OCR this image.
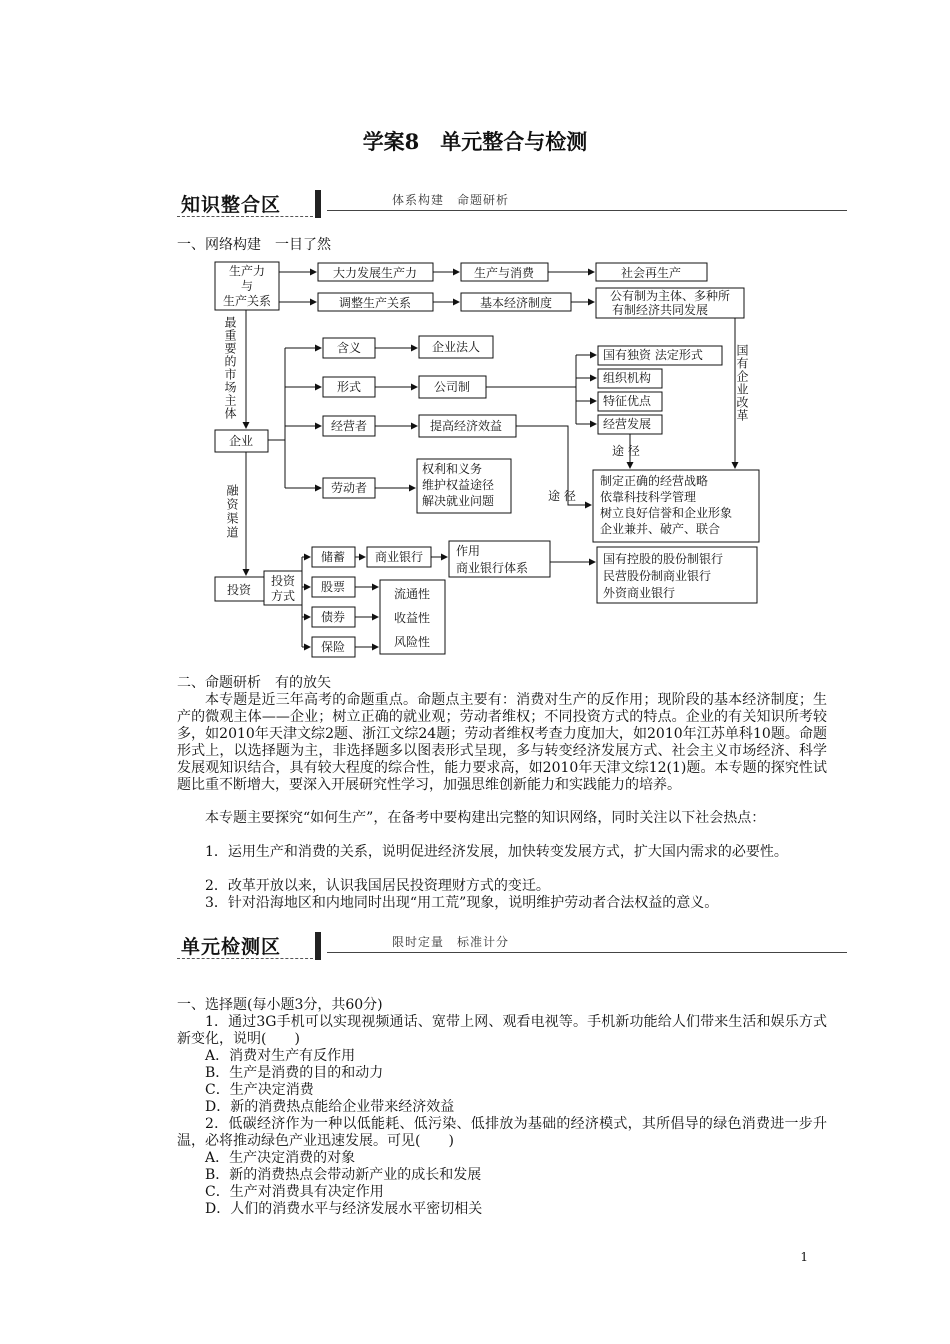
学案8　单元整合与检测
知识整合区	体系构建　命题研析
一、网络构建　一目了然
生产力
与
生产关系
大力发展生产力	生产与消费	社会再生产
调整生产关系	基本经济制度	公有制为主体、多种所
有制经济共同发展
企业
含义	企业法人
形式	公司制
经营者	提高经济效益
劳动者
权利和义务
维护权益途径
解决就业问题
国有独资 法定形式
组织机构
特征优点
经营发展
途 径
途 径
制定正确的经营战略
依靠科技科学管理
树立良好信誉和企业形象
企业兼并、破产、联合
投资
投资
方式
储蓄 商业银行	作用
商业银行体系
国有控股的股份制银行
民营股份制商业银行
外资商业银行
股票
债券
保险
流通性
收益性
风险性
最重要的市场主体
融资渠道
国有企业改革
二、命题研析　有的放矢
本专题是近三年高考的命题重点。命题点主要有：消费对生产的反作用；现阶段的基本经济制度；生产的微观主体——企业；树立正确的就业观；劳动者维权；不同投资方式的特点。企业的有关知识所考较多，如2010年天津文综2题、浙江文综24题；劳动者维权考查力度加大，如2010年江苏单科10题。命题形式上，以选择题为主，非选择题多以图表形式呈现，多与转变经济发展方式、社会主义市场经济、科学发展观知识结合，具有较大程度的综合性，能力要求高，如2010年天津文综12(1)题。本专题的探究性试题比重不断增大，要深入开展研究性学习，加强思维创新能力和实践能力的培养。
本专题主要探究“如何生产”，在备考中要构建出完整的知识网络，同时关注以下社会热点：
1．运用生产和消费的关系，说明促进经济发展，加快转变发展方式，扩大国内需求的必要性。
2．改革开放以来，认识我国居民投资理财方式的变迁。
3．针对沿海地区和内地同时出现“用工荒”现象，说明维护劳动者合法权益的意义。
单元检测区	限时定量　标准计分
一、选择题(每小题3分，共60分)
1．通过3G手机可以实现视频通话、宽带上网、观看电视等。手机新功能给人们带来生活和娱乐方式新变化，说明(　　)
A．消费对生产有反作用
B．生产是消费的目的和动力
C．生产决定消费
D．新的消费热点能给企业带来经济效益
2．低碳经济作为一种以低能耗、低污染、低排放为基础的经济模式，其所倡导的绿色消费进一步升温，必将推动绿色产业迅速发展。可见(　　)
A．生产决定消费的对象
B．新的消费热点会带动新产业的成长和发展
C．生产对消费具有决定作用
D．人们的消费水平与经济发展水平密切相关
1
